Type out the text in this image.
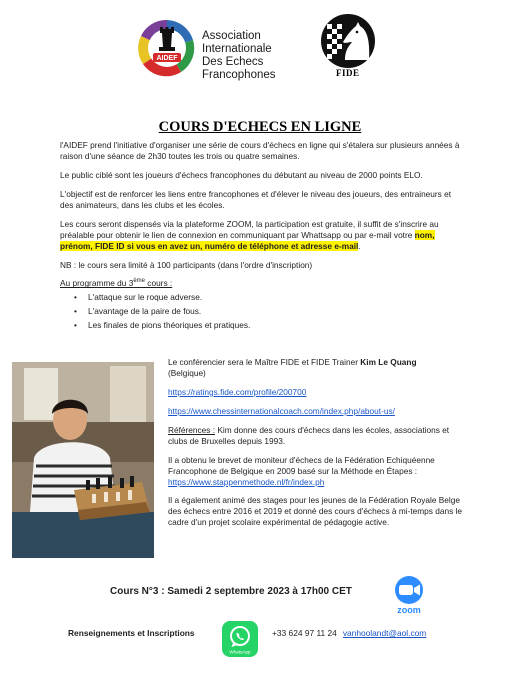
AIDEF
Association
Internationale
Des Echecs
Francophones	FIDE
COURS D'ECHECS EN LIGNE

l'AIDEF prend l'initiative d'organiser une série de cours d'échecs en ligne qui s'étalera sur plusieurs années à raison d'une séance de 2h30 toutes les trois ou quatre semaines.

Le public ciblé sont les joueurs d'échecs francophones du débutant au niveau de 2000 points ELO.

L'objectif est de renforcer les liens entre francophones et d'élever le niveau des joueurs, des entraineurs et des animateurs, dans les clubs et les écoles.

Les cours seront dispensés via la plateforme ZOOM, la participation est gratuite, il suffit de s'inscrire au préalable pour obtenir le lien de connexion en communiquant par Whattsapp ou par e-mail votre nom, prénom, FIDE ID si vous en avez un, numéro de téléphone et adresse e-mail.

NB : le cours sera limité à 100 participants (dans l'ordre d'inscription)

Au programme du 3ème cours :

• L'attaque sur le roque adverse.
• L'avantage de la paire de fous.
• Les finales de pions théoriques et pratiques.

Le conférencier sera le Maître FIDE et FIDE Trainer Kim Le Quang
(Belgique)

https://ratings.fide.com/profile/200700

https://www.chessinternationalcoach.com/index.php/about-us/

Références : Kim donne des cours d'échecs dans les écoles, associations et clubs de Bruxelles depuis 1993.

Il a obtenu le brevet de moniteur d'échecs de la Fédération Echiquéenne Francophone de Belgique en 2009 basé sur la Méthode en Étapes :
https://www.stappenmethode.nl/fr/index.ph

Il a également animé des stages pour les jeunes de la Fédération Royale Belge des échecs entre 2016 et 2019 et donné des cours d'échecs à mi-temps dans le cadre d'un projet scolaire expérimental de pédagogie active.

Cours N°3 : Samedi 2 septembre 2023 à 17h00 CET
zoom
Renseignements et Inscriptions
WhatsApp
+33 624 97 11 24 vanhoolandt@aol.com
